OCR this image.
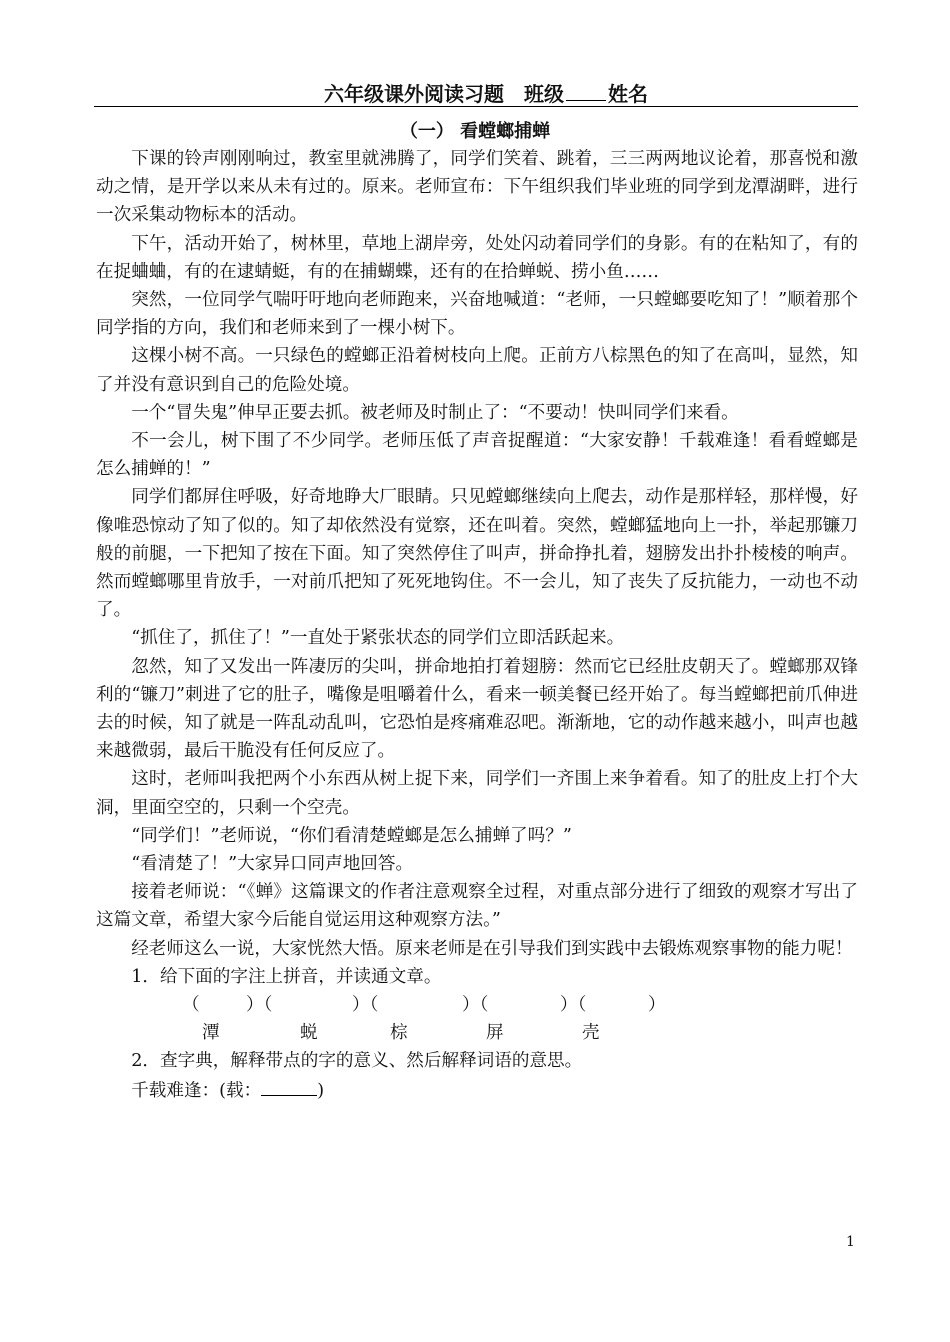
六年级课外阅读习题 班级 姓名
（一） 看螳螂捕蝉

下课的铃声刚刚响过，教室里就沸腾了，同学们笑着、跳着，三三两两地议论着，那喜悦和激动之情，是开学以来从未有过的。原来。老师宣布：下午组织我们毕业班的同学到龙潭湖畔，进行一次采集动物标本的活动。

下午，活动开始了，树林里，草地上湖岸旁，处处闪动着同学们的身影。有的在粘知了，有的在捉蛐蛐，有的在逮蜻蜓，有的在捕蝴蝶，还有的在拾蝉蜕、捞小鱼……

突然，一位同学气喘吁吁地向老师跑来，兴奋地喊道：“老师，一只螳螂要吃知了！”顺着那个同学指的方向，我们和老师来到了一棵小树下。

这棵小树不高。一只绿色的螳螂正沿着树枝向上爬。正前方八棕黑色的知了在高叫，显然，知了并没有意识到自己的危险处境。

一个“冒失鬼”伸早正要去抓。被老师及时制止了：“不要动！快叫同学们来看。

不一会儿，树下围了不少同学。老师压低了声音捉醒道：“大家安静！千载难逢！看看螳螂是怎么捕蝉的！”

同学们都屏住呼吸，好奇地睁大厂眼睛。只见螳螂继续向上爬去，动作是那样轻，那样慢，好像唯恐惊动了知了似的。知了却依然没有觉察，还在叫着。突然，螳螂猛地向上一扑，举起那镰刀般的前腿，一下把知了按在下面。知了突然停住了叫声，拼命挣扎着，翅膀发出扑扑棱棱的响声。然而螳螂哪里肯放手，一对前爪把知了死死地钩住。不一会儿，知了丧失了反抗能力，一动也不动了。

“抓住了，抓住了！”一直处于紧张状态的同学们立即活跃起来。

忽然，知了又发出一阵凄厉的尖叫，拼命地拍打着翅膀：然而它已经肚皮朝天了。螳螂那双锋利的“镰刀”刺进了它的肚子，嘴像是咀嚼着什么，看来一顿美餐已经开始了。每当螳螂把前爪伸进去的时候，知了就是一阵乱动乱叫，它恐怕是疼痛难忍吧。渐渐地，它的动作越来越小，叫声也越来越微弱，最后干脆没有任何反应了。

这时，老师叫我把两个小东西从树上捉下来，同学们一齐围上来争着看。知了的肚皮上打个大洞，里面空空的，只剩一个空壳。

“同学们！”老师说，“你们看清楚螳螂是怎么捕蝉了吗？”

“看清楚了！”大家异口同声地回答。

接着老师说：“《蝉》这篇课文的作者注意观察全过程，对重点部分进行了细致的观察才写出了这篇文章，希望大家今后能自觉运用这种观察方法。”

经老师这么一说，大家恍然大悟。原来老师是在引导我们到实践中去锻炼观察事物的能力呢！

1．给下面的字注上拼音，并读通文章。

（	）（	）（	）（	）（	）
潭	蜕	棕	屏	壳

2．查字典，解释带点的字的意义、然后解释词语的意思。

千载难逢：(载：	)

1
